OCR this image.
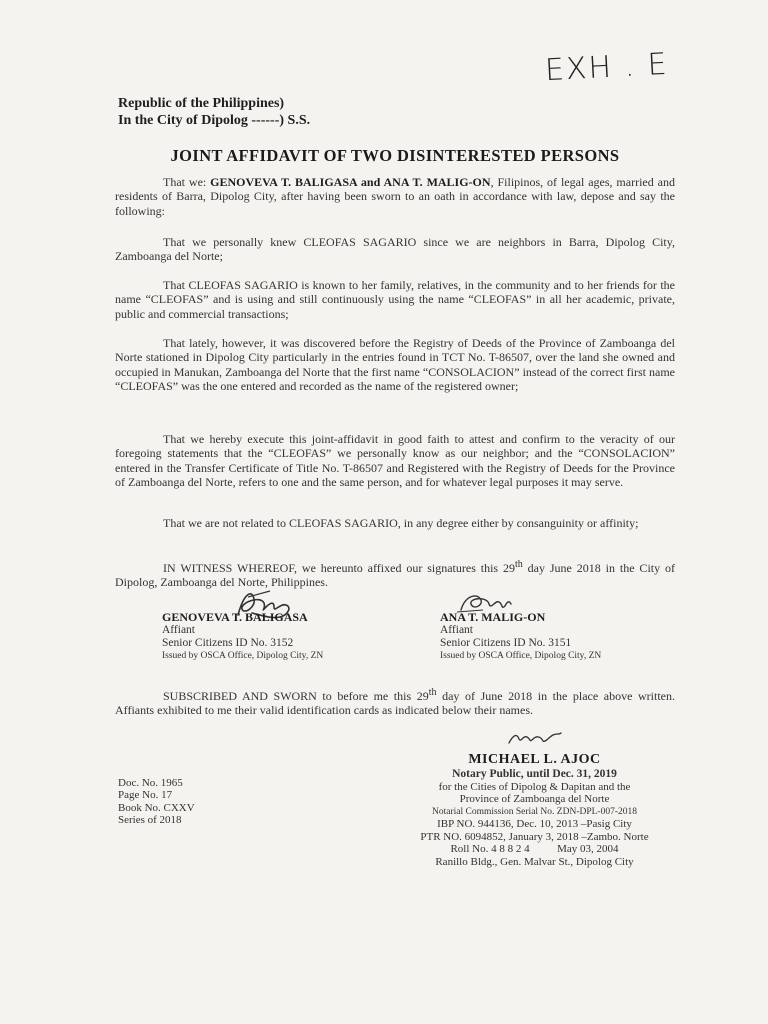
EXH . E
Republic of the Philippines)
In the City of Dipolog ------) S.S.
JOINT AFFIDAVIT OF TWO DISINTERESTED PERSONS
That we: GENOVEVA T. BALIGASA and ANA T. MALIG-ON, Filipinos, of legal ages, married and residents of Barra, Dipolog City, after having been sworn to an oath in accordance with law, depose and say the following:
That we personally knew CLEOFAS SAGARIO since we are neighbors in Barra, Dipolog City, Zamboanga del Norte;
That CLEOFAS SAGARIO is known to her family, relatives, in the community and to her friends for the name “CLEOFAS” and is using and still continuously using the name “CLEOFAS” in all her academic, private, public and commercial transactions;
That lately, however, it was discovered before the Registry of Deeds of the Province of Zamboanga del Norte stationed in Dipolog City particularly in the entries found in TCT No. T-86507, over the land she owned and occupied in Manukan, Zamboanga del Norte that the first name “CONSOLACION” instead of the correct first name “CLEOFAS” was the one entered and recorded as the name of the registered owner;
That we hereby execute this joint-affidavit in good faith to attest and confirm to the veracity of our foregoing statements that the “CLEOFAS” we personally know as our neighbor; and the “CONSOLACION” entered in the Transfer Certificate of Title No. T-86507 and Registered with the Registry of Deeds for the Province of Zamboanga del Norte, refers to one and the same person, and for whatever legal purposes it may serve.
That we are not related to CLEOFAS SAGARIO, in any degree either by consanguinity or affinity;
IN WITNESS WHEREOF, we hereunto affixed our signatures this 29th day June 2018 in the City of Dipolog, Zamboanga del Norte, Philippines.
GENOVEVA T. BALIGASA
Affiant
Senior Citizens ID No. 3152
Issued by OSCA Office, Dipolog City, ZN
ANA T. MALIG-ON
Affiant
Senior Citizens ID No. 3151
Issued by OSCA Office, Dipolog City, ZN
SUBSCRIBED AND SWORN to before me this 29th day of June 2018 in the place above written. Affiants exhibited to me their valid identification cards as indicated below their names.
MICHAEL L. AJOC
Notary Public, until Dec. 31, 2019
for the Cities of Dipolog & Dapitan and the
Province of Zamboanga del Norte
Notarial Commission Serial No. ZDN-DPL-007-2018
IBP NO. 944136, Dec. 10, 2013 –Pasig City
PTR NO. 6094852, January 3, 2018 –Zambo. Norte
Roll No. 4 8 8 2 4          May 03, 2004
Ranillo Bldg., Gen. Malvar St., Dipolog City
Doc. No. 1965
Page No. 17
Book No. CXXV
Series of 2018
